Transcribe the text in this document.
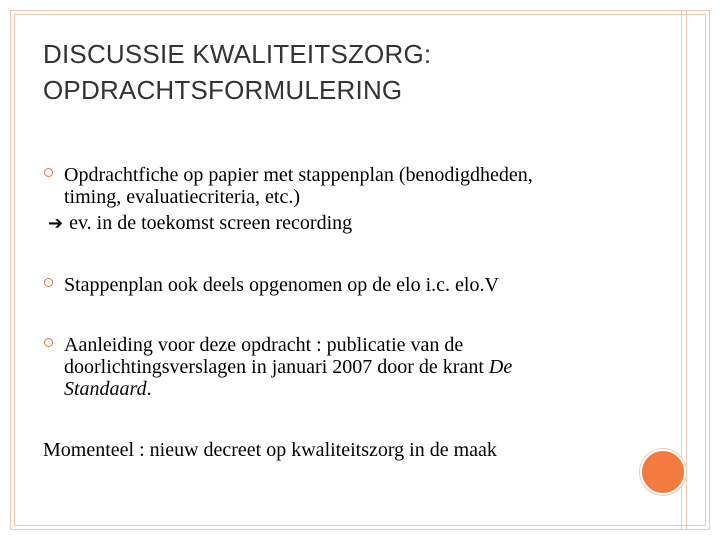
DISCUSSIE KWALITEITSZORG:
OPDRACHTSFORMULERING
Opdrachtfiche op papier met stappenplan (benodigdheden,
timing, evaluatiecriteria, etc.)
➔ ev. in de toekomst screen recording
Stappenplan ook deels opgenomen op de elo i.c. elo.V
Aanleiding voor deze opdracht : publicatie van de
doorlichtingsverslagen in januari 2007 door de krant De
Standaard.
Momenteel : nieuw decreet op kwaliteitszorg in de maak
